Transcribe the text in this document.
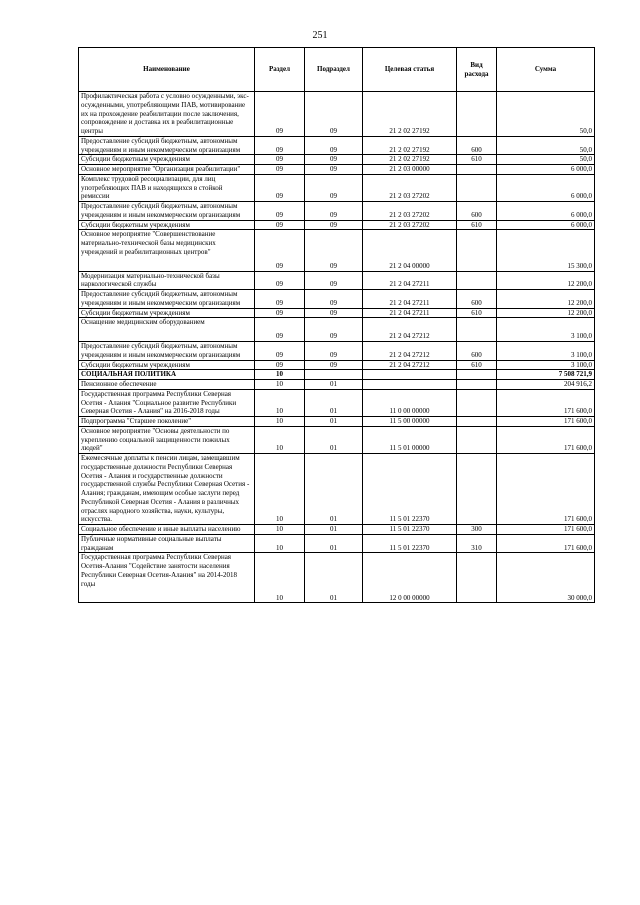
251
Наименование	Раздел	Подраздел	Целевая статья	Вид расхода	Сумма
Профилактическая работа с условно осужденными, экс-осужденными, употребляющими ПАВ, мотивирование их на прохождение реабилитации после заключения, сопровождение и доставка их в реабилитационные центры	09	09	21 2 02 27192		50,0
Предоставление субсидий бюджетным, автономным учреждениям и иным некоммерческим организациям	09	09	21 2 02 27192	600	50,0
Субсидии бюджетным учреждениям	09	09	21 2 02 27192	610	50,0
Основное мероприятие "Организация реабилитации"	09	09	21 2 03 00000		6 000,0
Комплекс трудовой ресоциализации, для лиц употребляющих ПАВ и находящихся в стойкой ремиссии	09	09	21 2 03 27202		6 000,0
Предоставление субсидий бюджетным, автономным учреждениям и иным некоммерческим организациям	09	09	21 2 03 27202	600	6 000,0
Субсидии бюджетным учреждениям	09	09	21 2 03 27202	610	6 000,0
Основное мероприятие "Совершенствование материально-технической базы медицинских учреждений и реабилитационных центров"	09	09	21 2 04 00000		15 300,0
Модернизация материально-технической базы наркологической службы	09	09	21 2 04 27211		12 200,0
Предоставление субсидий бюджетным, автономным учреждениям и иным некоммерческим организациям	09	09	21 2 04 27211	600	12 200,0
Субсидии бюджетным учреждениям	09	09	21 2 04 27211	610	12 200,0
Оснащение медицинским оборудованием	09	09	21 2 04 27212		3 100,0
Предоставление субсидий бюджетным, автономным учреждениям и иным некоммерческим организациям	09	09	21 2 04 27212	600	3 100,0
Субсидии бюджетным учреждениям	09	09	21 2 04 27212	610	3 100,0
СОЦИАЛЬНАЯ ПОЛИТИКА	10				7 508 721,9
Пенсионное обеспечение	10	01			204 916,2
Государственная программа Республики Северная Осетия - Алания "Социальное развитие Республики Северная Осетия - Алания" на 2016-2018 годы	10	01	11 0 00 00000		171 600,0
Подпрограмма "Старшее поколение"	10	01	11 5 00 00000		171 600,0
Основное мероприятие "Основы деятельности по укреплению социальной защищенности пожилых людей"	10	01	11 5 01 00000		171 600,0
Ежемесячные доплаты к пенсии лицам, замещавшим государственные должности Республики Северная Осетия - Алания и государственные должности государственной службы Республики Северная Осетия - Алания; гражданам, имеющим особые заслуги перед Республикой Северная Осетия - Алания в различных отраслях народного хозяйства, науки, культуры, искусства.	10	01	11 5 01 22370		171 600,0
Социальное обеспечение и иные выплаты населению	10	01	11 5 01 22370	300	171 600,0
Публичные нормативные социальные выплаты гражданам	10	01	11 5 01 22370	310	171 600,0
Государственная программа Республики Северная Осетия-Алания "Содействие занятости населения Республики Северная Осетия-Алания" на 2014-2018 годы	10	01	12 0 00 00000		30 000,0
